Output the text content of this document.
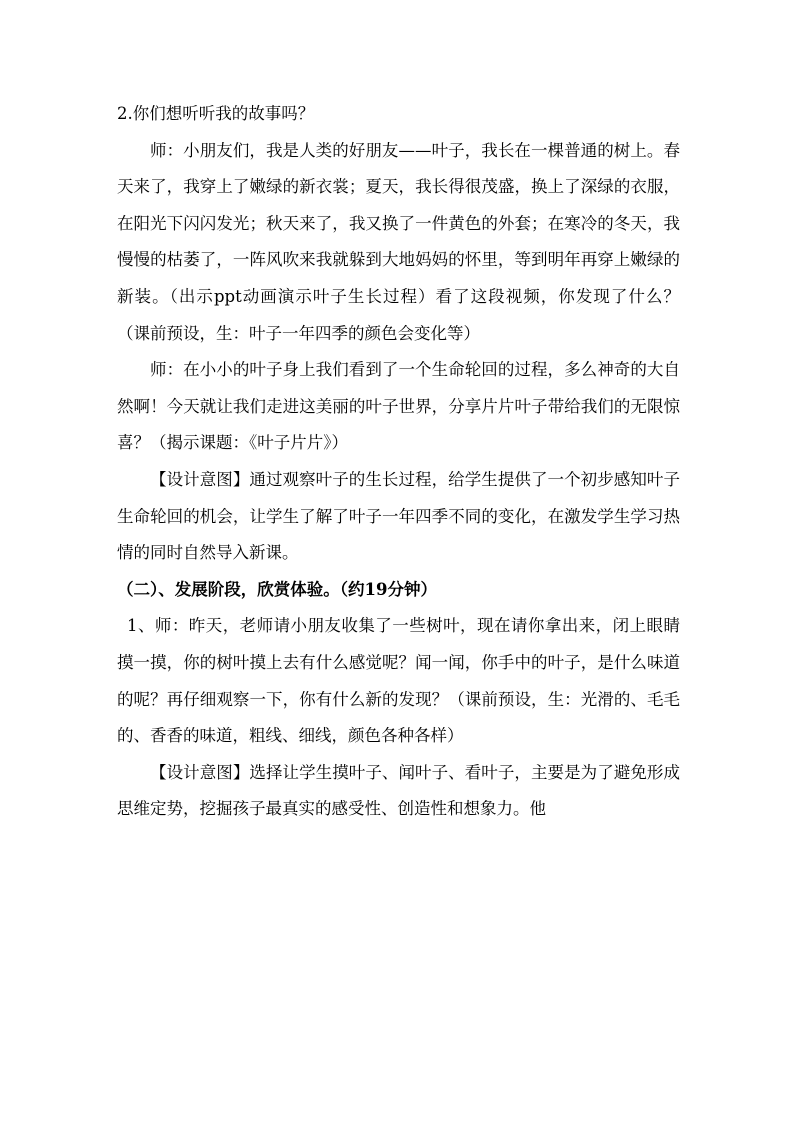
2.你们想听听我的故事吗？

师：小朋友们，我是人类的好朋友——叶子，我长在一棵普通的树上。春天来了，我穿上了嫩绿的新衣裳；夏天，我长得很茂盛，换上了深绿的衣服，在阳光下闪闪发光；秋天来了，我又换了一件黄色的外套；在寒冷的冬天，我慢慢的枯萎了，一阵风吹来我就躲到大地妈妈的怀里，等到明年再穿上嫩绿的新装。（出示ppt动画演示叶子生长过程）看了这段视频，你发现了什么？（课前预设，生：叶子一年四季的颜色会变化等）

师：在小小的叶子身上我们看到了一个生命轮回的过程，多么神奇的大自然啊！今天就让我们走进这美丽的叶子世界，分享片片叶子带给我们的无限惊喜？（揭示课题：《叶子片片》）

【设计意图】通过观察叶子的生长过程，给学生提供了一个初步感知叶子生命轮回的机会，让学生了解了叶子一年四季不同的变化，在激发学生学习热情的同时自然导入新课。

（二）、发展阶段，欣赏体验。（约19分钟）

1、师：昨天，老师请小朋友收集了一些树叶，现在请你拿出来，闭上眼睛摸一摸，你的树叶摸上去有什么感觉呢？闻一闻，你手中的叶子，是什么味道的呢？再仔细观察一下，你有什么新的发现？（课前预设，生：光滑的、毛毛的、香香的味道，粗线、细线，颜色各种各样）

【设计意图】选择让学生摸叶子、闻叶子、看叶子，主要是为了避免形成思维定势，挖掘孩子最真实的感受性、创造性和想象力。他
